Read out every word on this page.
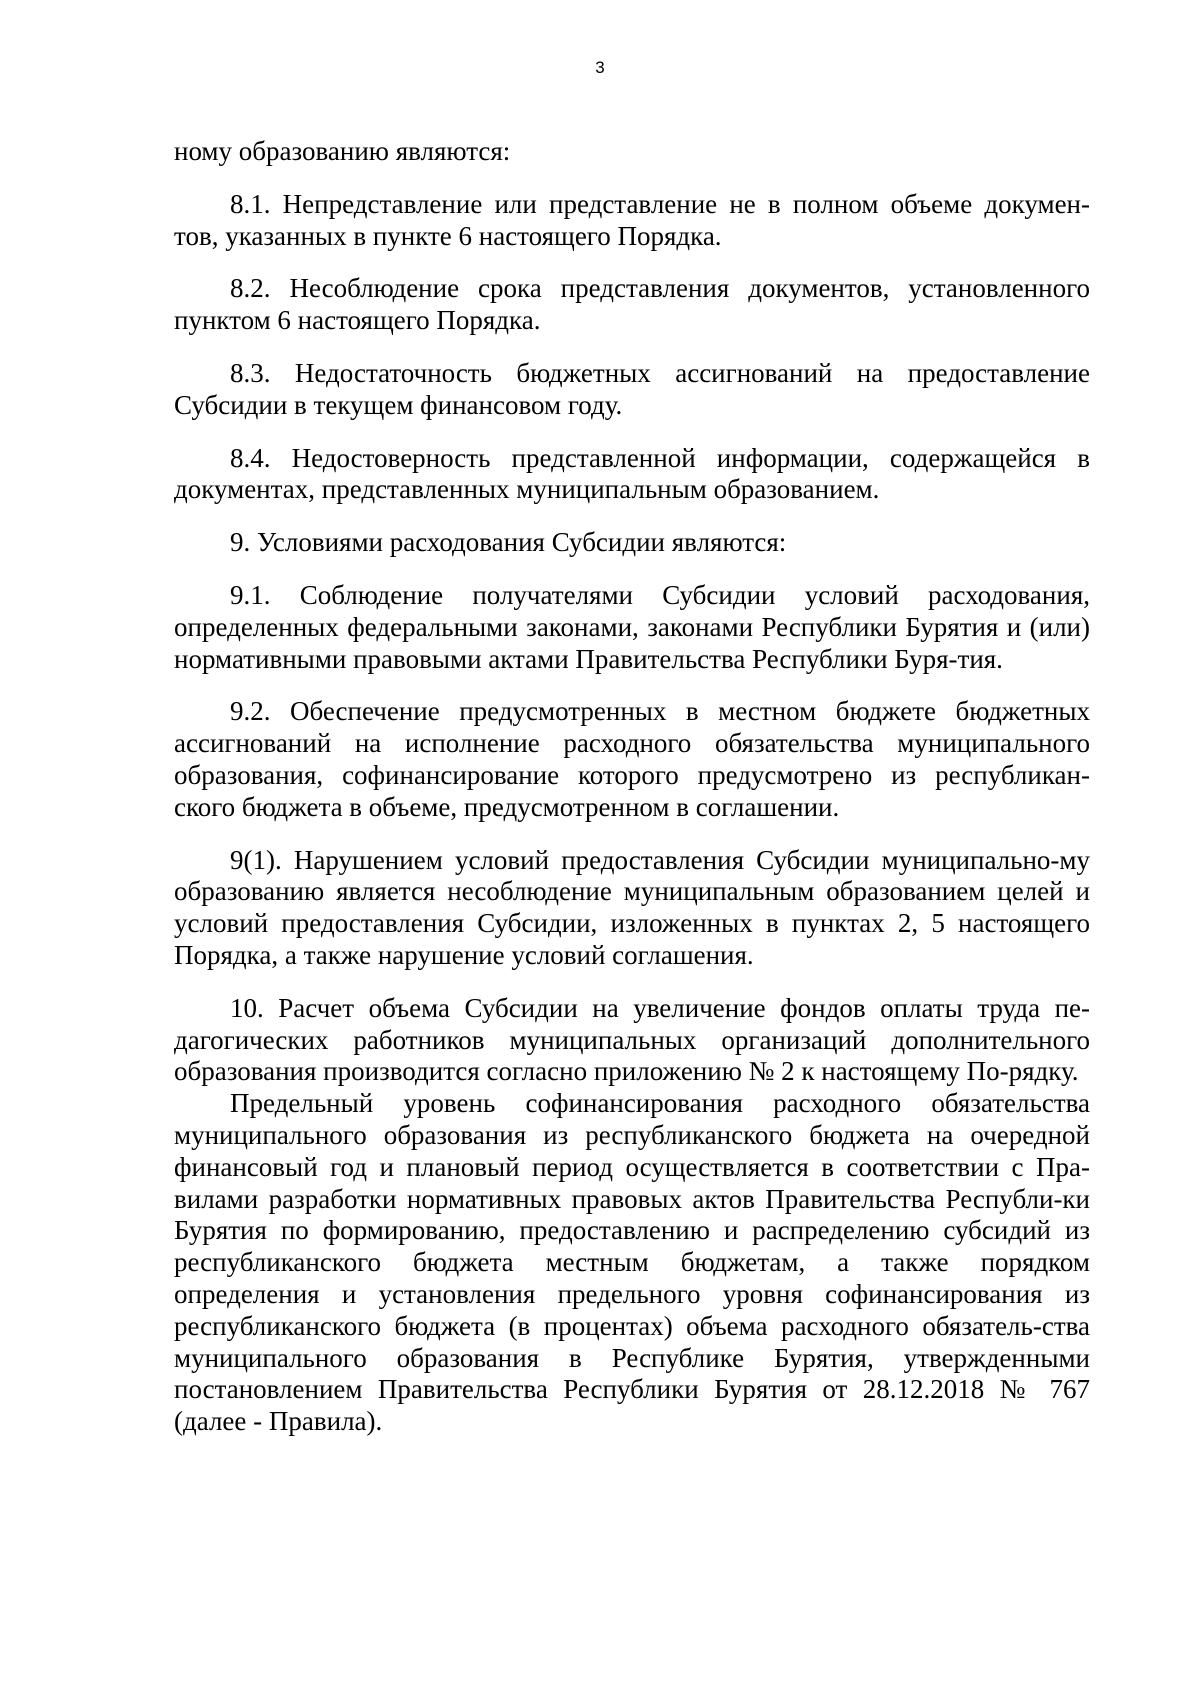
3

ному образованию являются:

8.1. Непредставление или представление не в полном объеме докумен-тов, указанных в пункте 6 настоящего Порядка.

8.2. Несоблюдение срока представления документов, установленного пунктом 6 настоящего Порядка.

8.3. Недостаточность бюджетных ассигнований на предоставление Субсидии в текущем финансовом году.

8.4. Недостоверность представленной информации, содержащейся в документах, представленных муниципальным образованием.

9. Условиями расходования Субсидии являются:

9.1. Соблюдение получателями Субсидии условий расходования, определенных федеральными законами, законами Республики Бурятия и (или) нормативными правовыми актами Правительства Республики Буря-тия.

9.2. Обеспечение предусмотренных в местном бюджете бюджетных ассигнований на исполнение расходного обязательства муниципального образования, софинансирование которого предусмотрено из республикан-ского бюджета в объеме, предусмотренном в соглашении.

9(1). Нарушением условий предоставления Субсидии муниципально-му образованию является несоблюдение муниципальным образованием целей и условий предоставления Субсидии, изложенных в пунктах 2, 5 настоящего Порядка, а также нарушение условий соглашения.

10. Расчет объема Субсидии на увеличение фондов оплаты труда пе-дагогических работников муниципальных организаций дополнительного образования производится согласно приложению № 2 к настоящему По-рядку.

Предельный уровень софинансирования расходного обязательства муниципального образования из республиканского бюджета на очередной финансовый год и плановый период осуществляется в соответствии с Пра-вилами разработки нормативных правовых актов Правительства Республи-ки Бурятия по формированию, предоставлению и распределению субсидий из республиканского бюджета местным бюджетам, а также порядком определения и установления предельного уровня софинансирования из республиканского бюджета (в процентах) объема расходного обязатель-ства муниципального образования в Республике Бурятия, утвержденными постановлением Правительства Республики Бурятия от 28.12.2018 № 767 (далее - Правила).
